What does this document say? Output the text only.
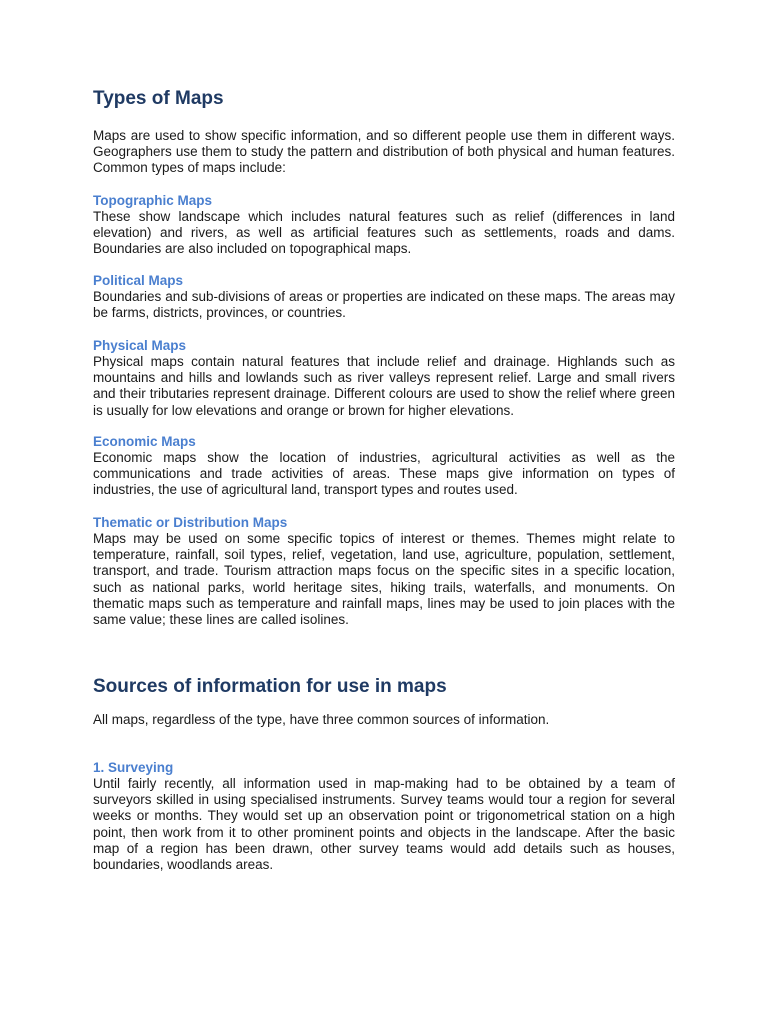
Types of Maps

Maps are used to show specific information, and so different people use them in different ways. Geographers use them to study the pattern and distribution of both physical and human features. Common types of maps include:

Topographic Maps

These show landscape which includes natural features such as relief (differences in land elevation) and rivers, as well as artificial features such as settlements, roads and dams. Boundaries are also included on topographical maps.

Political Maps

Boundaries and sub-divisions of areas or properties are indicated on these maps. The areas may be farms, districts, provinces, or countries.

Physical Maps

Physical maps contain natural features that include relief and drainage. Highlands such as mountains and hills and lowlands such as river valleys represent relief. Large and small rivers and their tributaries represent drainage. Different colours are used to show the relief where green is usually for low elevations and orange or brown for higher elevations.

Economic Maps

Economic maps show the location of industries, agricultural activities as well as the communications and trade activities of areas. These maps give information on types of industries, the use of agricultural land, transport types and routes used.

Thematic or Distribution Maps

Maps may be used on some specific topics of interest or themes. Themes might relate to temperature, rainfall, soil types, relief, vegetation, land use, agriculture, population, settlement, transport, and trade. Tourism attraction maps focus on the specific sites in a specific location, such as national parks, world heritage sites, hiking trails, waterfalls, and monuments. On thematic maps such as temperature and rainfall maps, lines may be used to join places with the same value; these lines are called isolines.

Sources of information for use in maps

All maps, regardless of the type, have three common sources of information.

1. Surveying

Until fairly recently, all information used in map-making had to be obtained by a team of surveyors skilled in using specialised instruments. Survey teams would tour a region for several weeks or months. They would set up an observation point or trigonometrical station on a high point, then work from it to other prominent points and objects in the landscape. After the basic map of a region has been drawn, other survey teams would add details such as houses, boundaries, woodlands areas.
